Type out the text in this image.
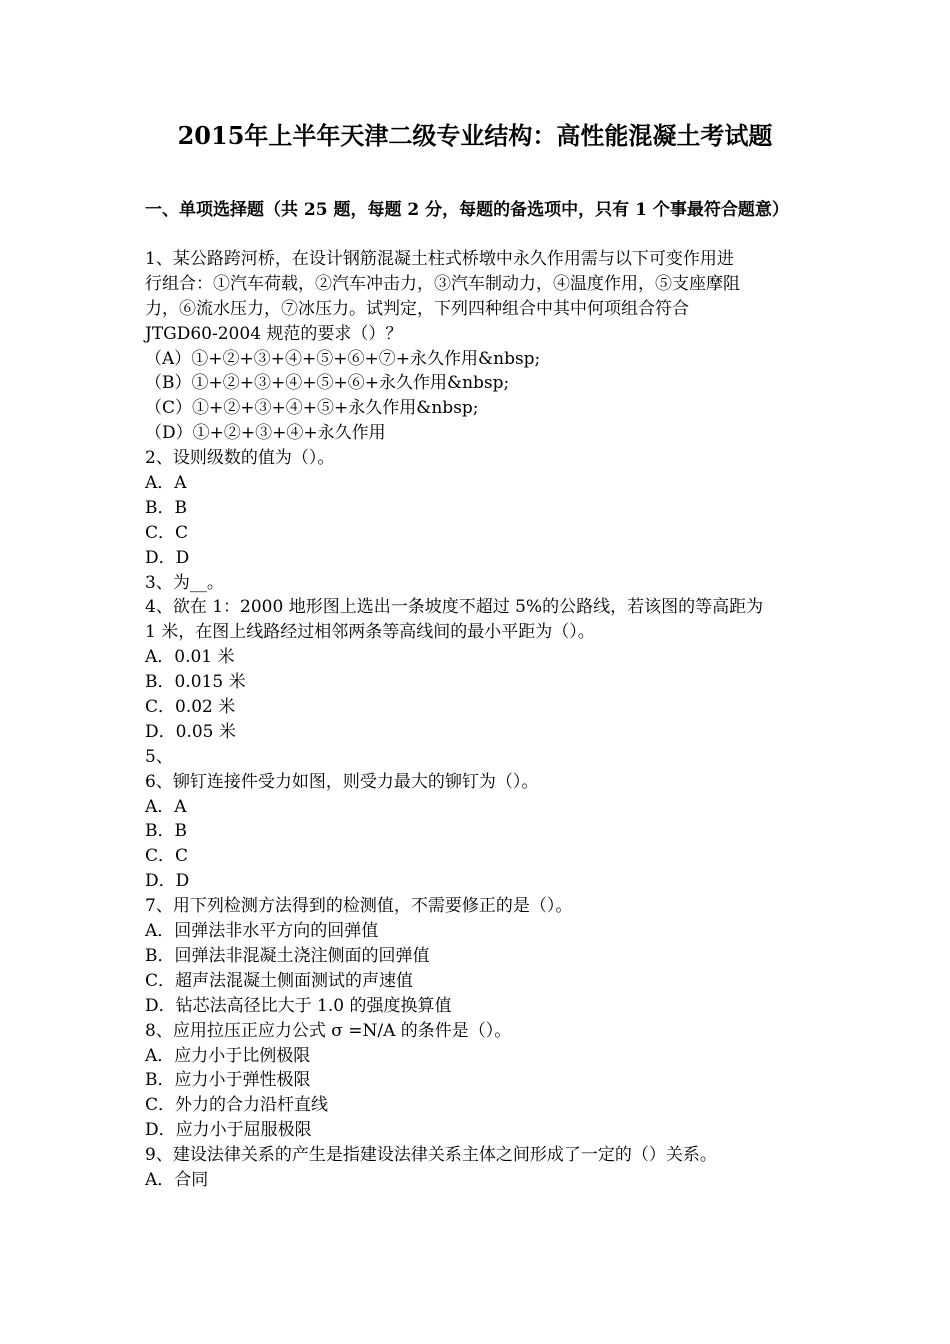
2015年上半年天津二级专业结构：高性能混凝土考试题
一、单项选择题（共 25 题，每题 2 分，每题的备选项中，只有 1 个事最符合题意）
1、某公路跨河桥，在设计钢筋混凝土柱式桥墩中永久作用需与以下可变作用进
行组合：①汽车荷载，②汽车冲击力，③汽车制动力，④温度作用，⑤支座摩阻
力，⑥流水压力，⑦冰压力。试判定，下列四种组合中其中何项组合符合
JTGD60-2004 规范的要求（）？
（A）①+②+③+④+⑤+⑥+⑦+永久作用&nbsp;
（B）①+②+③+④+⑤+⑥+永久作用&nbsp;
（C）①+②+③+④+⑤+永久作用&nbsp;
（D）①+②+③+④+永久作用
2、设则级数的值为（）。
A．A
B．B
C．C
D．D
3、为__。
4、欲在 1：2000 地形图上选出一条坡度不超过 5%的公路线，若该图的等高距为
1 米，在图上线路经过相邻两条等高线间的最小平距为（）。
A．0.01 米
B．0.015 米
C．0.02 米
D．0.05 米
5、
6、铆钉连接件受力如图，则受力最大的铆钉为（）。
A．A
B．B
C．C
D．D
7、用下列检测方法得到的检测值，不需要修正的是（）。
A．回弹法非水平方向的回弹值
B．回弹法非混凝土浇注侧面的回弹值
C．超声法混凝土侧面测试的声速值
D．钻芯法高径比大于 1.0 的强度换算值
8、应用拉压正应力公式 σ =N/A 的条件是（）。
A．应力小于比例极限
B．应力小于弹性极限
C．外力的合力沿杆直线
D．应力小于屈服极限
9、建设法律关系的产生是指建设法律关系主体之间形成了一定的（）关系。
A．合同
